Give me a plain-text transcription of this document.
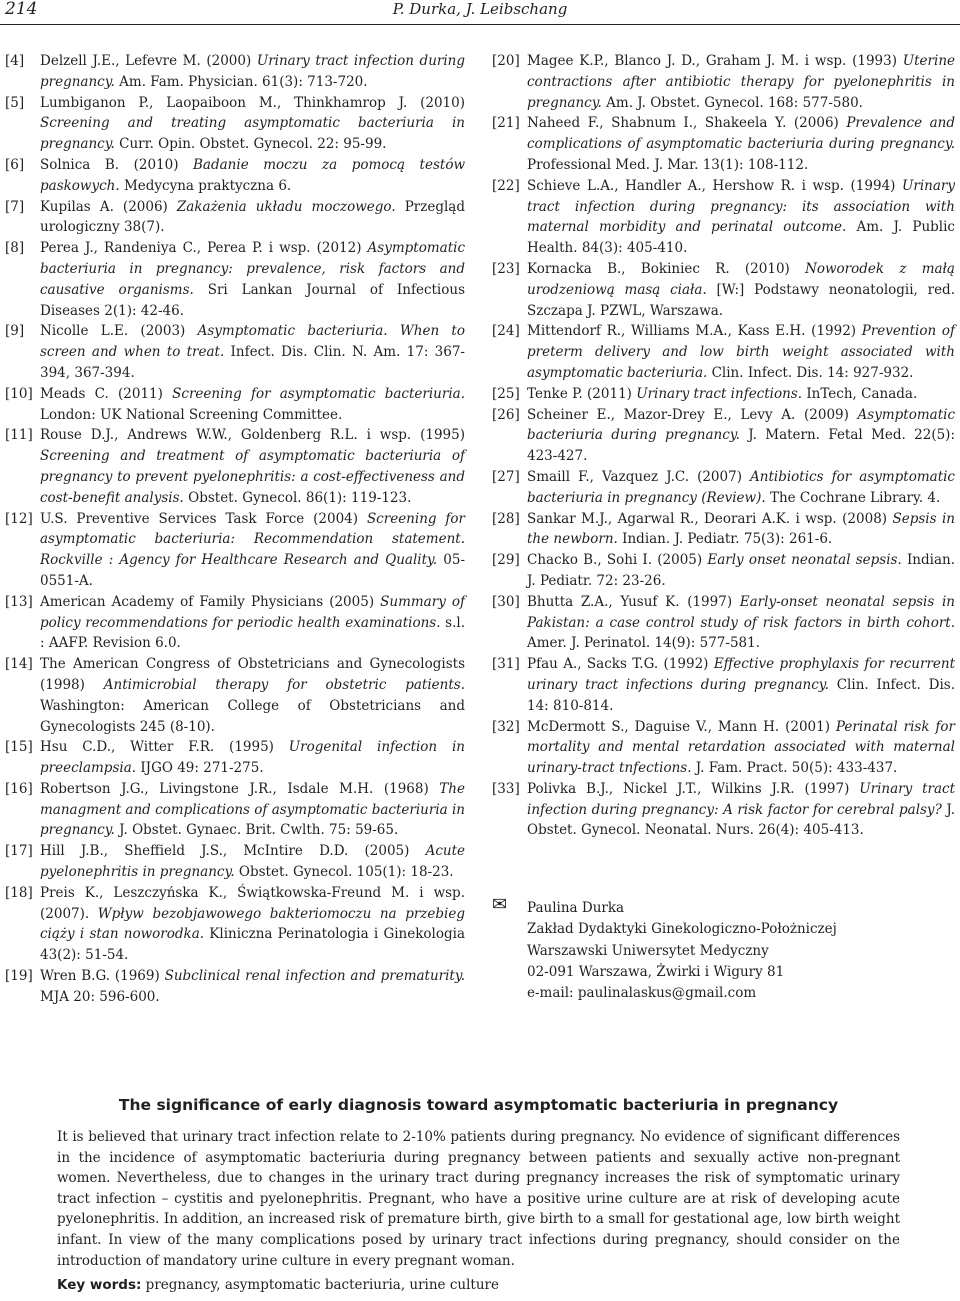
214	P. Durka, J. Leibschang
[4] Delzell J.E., Lefevre M. (2000) Urinary tract infection during pregnancy. Am. Fam. Physician. 61(3): 713-720.
[5] Lumbiganon P., Laopaiboon M., Thinkhamrop J. (2010) Screening and treating asymptomatic bacteriuria in pregnancy. Curr. Opin. Obstet. Gynecol. 22: 95-99.
[6] Solnica B. (2010) Badanie moczu za pomocą testów paskowych. Medycyna praktyczna 6.
[7] Kupilas A. (2006) Zakażenia układu moczowego. Przegląd urologiczny 38(7).
[8] Perea J., Randeniya C., Perea P. i wsp. (2012) Asymptomatic bacteriuria in pregnancy: prevalence, risk factors and causative organisms. Sri Lankan Journal of Infectious Diseases 2(1): 42-46.
[9] Nicolle L.E. (2003) Asymptomatic bacteriuria. When to screen and when to treat. Infect. Dis. Clin. N. Am. 17: 367-394, 367-394.
[10] Meads C. (2011) Screening for asymptomatic bacteriuria. London: UK National Screening Committee.
[11] Rouse D.J., Andrews W.W., Goldenberg R.L. i wsp. (1995) Screening and treatment of asymptomatic bacteriuria of pregnancy to prevent pyelonephritis: a cost-effectiveness and cost-benefit analysis. Obstet. Gynecol. 86(1): 119-123.
[12] U.S. Preventive Services Task Force (2004) Screening for asymptomatic bacteriuria: Recommendation statement. Rockville : Agency for Healthcare Research and Quality. 05-0551-A.
[13] American Academy of Family Physicians (2005) Summary of policy recommendations for periodic health examinations. s.l. : AAFP. Revision 6.0.
[14] The American Congress of Obstetricians and Gynecologists (1998) Antimicrobial therapy for obstetric patients. Washington: American College of Obstetricians and Gynecologists 245 (8-10).
[15] Hsu C.D., Witter F.R. (1995) Urogenital infection in preeclampsia. IJGO 49: 271-275.
[16] Robertson J.G., Livingstone J.R., Isdale M.H. (1968) The managment and complications of asymptomatic bacteriuria in pregnancy. J. Obstet. Gynaec. Brit. Cwlth. 75: 59-65.
[17] Hill J.B., Sheffield J.S., McIntire D.D. (2005) Acute pyelonephritis in pregnancy. Obstet. Gynecol. 105(1): 18-23.
[18] Preis K., Leszczyńska K., Świątkowska-Freund M. i wsp. (2007). Wpływ bezobjawowego bakteriomoczu na przebieg ciąży i stan noworodka. Kliniczna Perinatologia i Ginekologia 43(2): 51-54.
[19] Wren B.G. (1969) Subclinical renal infection and prematurity. MJA 20: 596-600.
[20] Magee K.P., Blanco J. D., Graham J. M. i wsp. (1993) Uterine contractions after antibiotic therapy for pyelonephritis in pregnancy. Am. J. Obstet. Gynecol. 168: 577-580.
[21] Naheed F., Shabnum I., Shakeela Y. (2006) Prevalence and complications of asymptomatic bacteriuria during pregnancy. Professional Med. J. Mar. 13(1): 108-112.
[22] Schieve L.A., Handler A., Hershow R. i wsp. (1994) Urinary tract infection during pregnancy: its association with maternal morbidity and perinatal outcome. Am. J. Public Health. 84(3): 405-410.
[23] Kornacka B., Bokiniec R. (2010) Noworodek z małą urodzeniową masą ciała. [W:] Podstawy neonatologii, red. Szczapa J. PZWL, Warszawa.
[24] Mittendorf R., Williams M.A., Kass E.H. (1992) Prevention of preterm delivery and low birth weight associated with asymptomatic bacteriuria. Clin. Infect. Dis. 14: 927-932.
[25] Tenke P. (2011) Urinary tract infections. InTech, Canada.
[26] Scheiner E., Mazor-Drey E., Levy A. (2009) Asymptomatic bacteriuria during pregnancy. J. Matern. Fetal Med. 22(5): 423-427.
[27] Smaill F., Vazquez J.C. (2007) Antibiotics for asymptomatic bacteriuria in pregnancy (Review). The Cochrane Library. 4.
[28] Sankar M.J., Agarwal R., Deorari A.K. i wsp. (2008) Sepsis in the newborn. Indian. J. Pediatr. 75(3): 261-6.
[29] Chacko B., Sohi I. (2005) Early onset neonatal sepsis. Indian. J. Pediatr. 72: 23-26.
[30] Bhutta Z.A., Yusuf K. (1997) Early-onset neonatal sepsis in Pakistan: a case control study of risk factors in birth cohort. Amer. J. Perinatol. 14(9): 577-581.
[31] Pfau A., Sacks T.G. (1992) Effective prophylaxis for recurrent urinary tract infections during pregnancy. Clin. Infect. Dis. 14: 810-814.
[32] McDermott S., Daguise V., Mann H. (2001) Perinatal risk for mortality and mental retardation associated with maternal urinary-tract tnfections. J. Fam. Pract. 50(5): 433-437.
[33] Polivka B.J., Nickel J.T., Wilkins J.R. (1997) Urinary tract infection during pregnancy: A risk factor for cerebral palsy? J. Obstet. Gynecol. Neonatal. Nurs. 26(4): 405-413.
✉ Paulina Durka
Zakład Dydaktyki Ginekologiczno-Położniczej
Warszawski Uniwersytet Medyczny
02-091 Warszawa, Żwirki i Wigury 81
e-mail: paulinalaskus@gmail.com

The significance of early diagnosis toward asymptomatic bacteriuria in pregnancy

It is believed that urinary tract infection relate to 2-10% patients during pregnancy. No evidence of significant differences in the incidence of asymptomatic bacteriuria during pregnancy between patients and sexually active non-pregnant women. Nevertheless, due to changes in the urinary tract during pregnancy increases the risk of symptomatic urinary tract infection – cystitis and pyelonephritis. Pregnant, who have a positive urine culture are at risk of developing acute pyelonephritis. In addition, an increased risk of premature birth, give birth to a small for gestational age, low birth weight infant. In view of the many complications posed by urinary tract infections during pregnancy, should consider on the introduction of mandatory urine culture in every pregnant woman.

Key words: pregnancy, asymptomatic bacteriuria, urine culture
